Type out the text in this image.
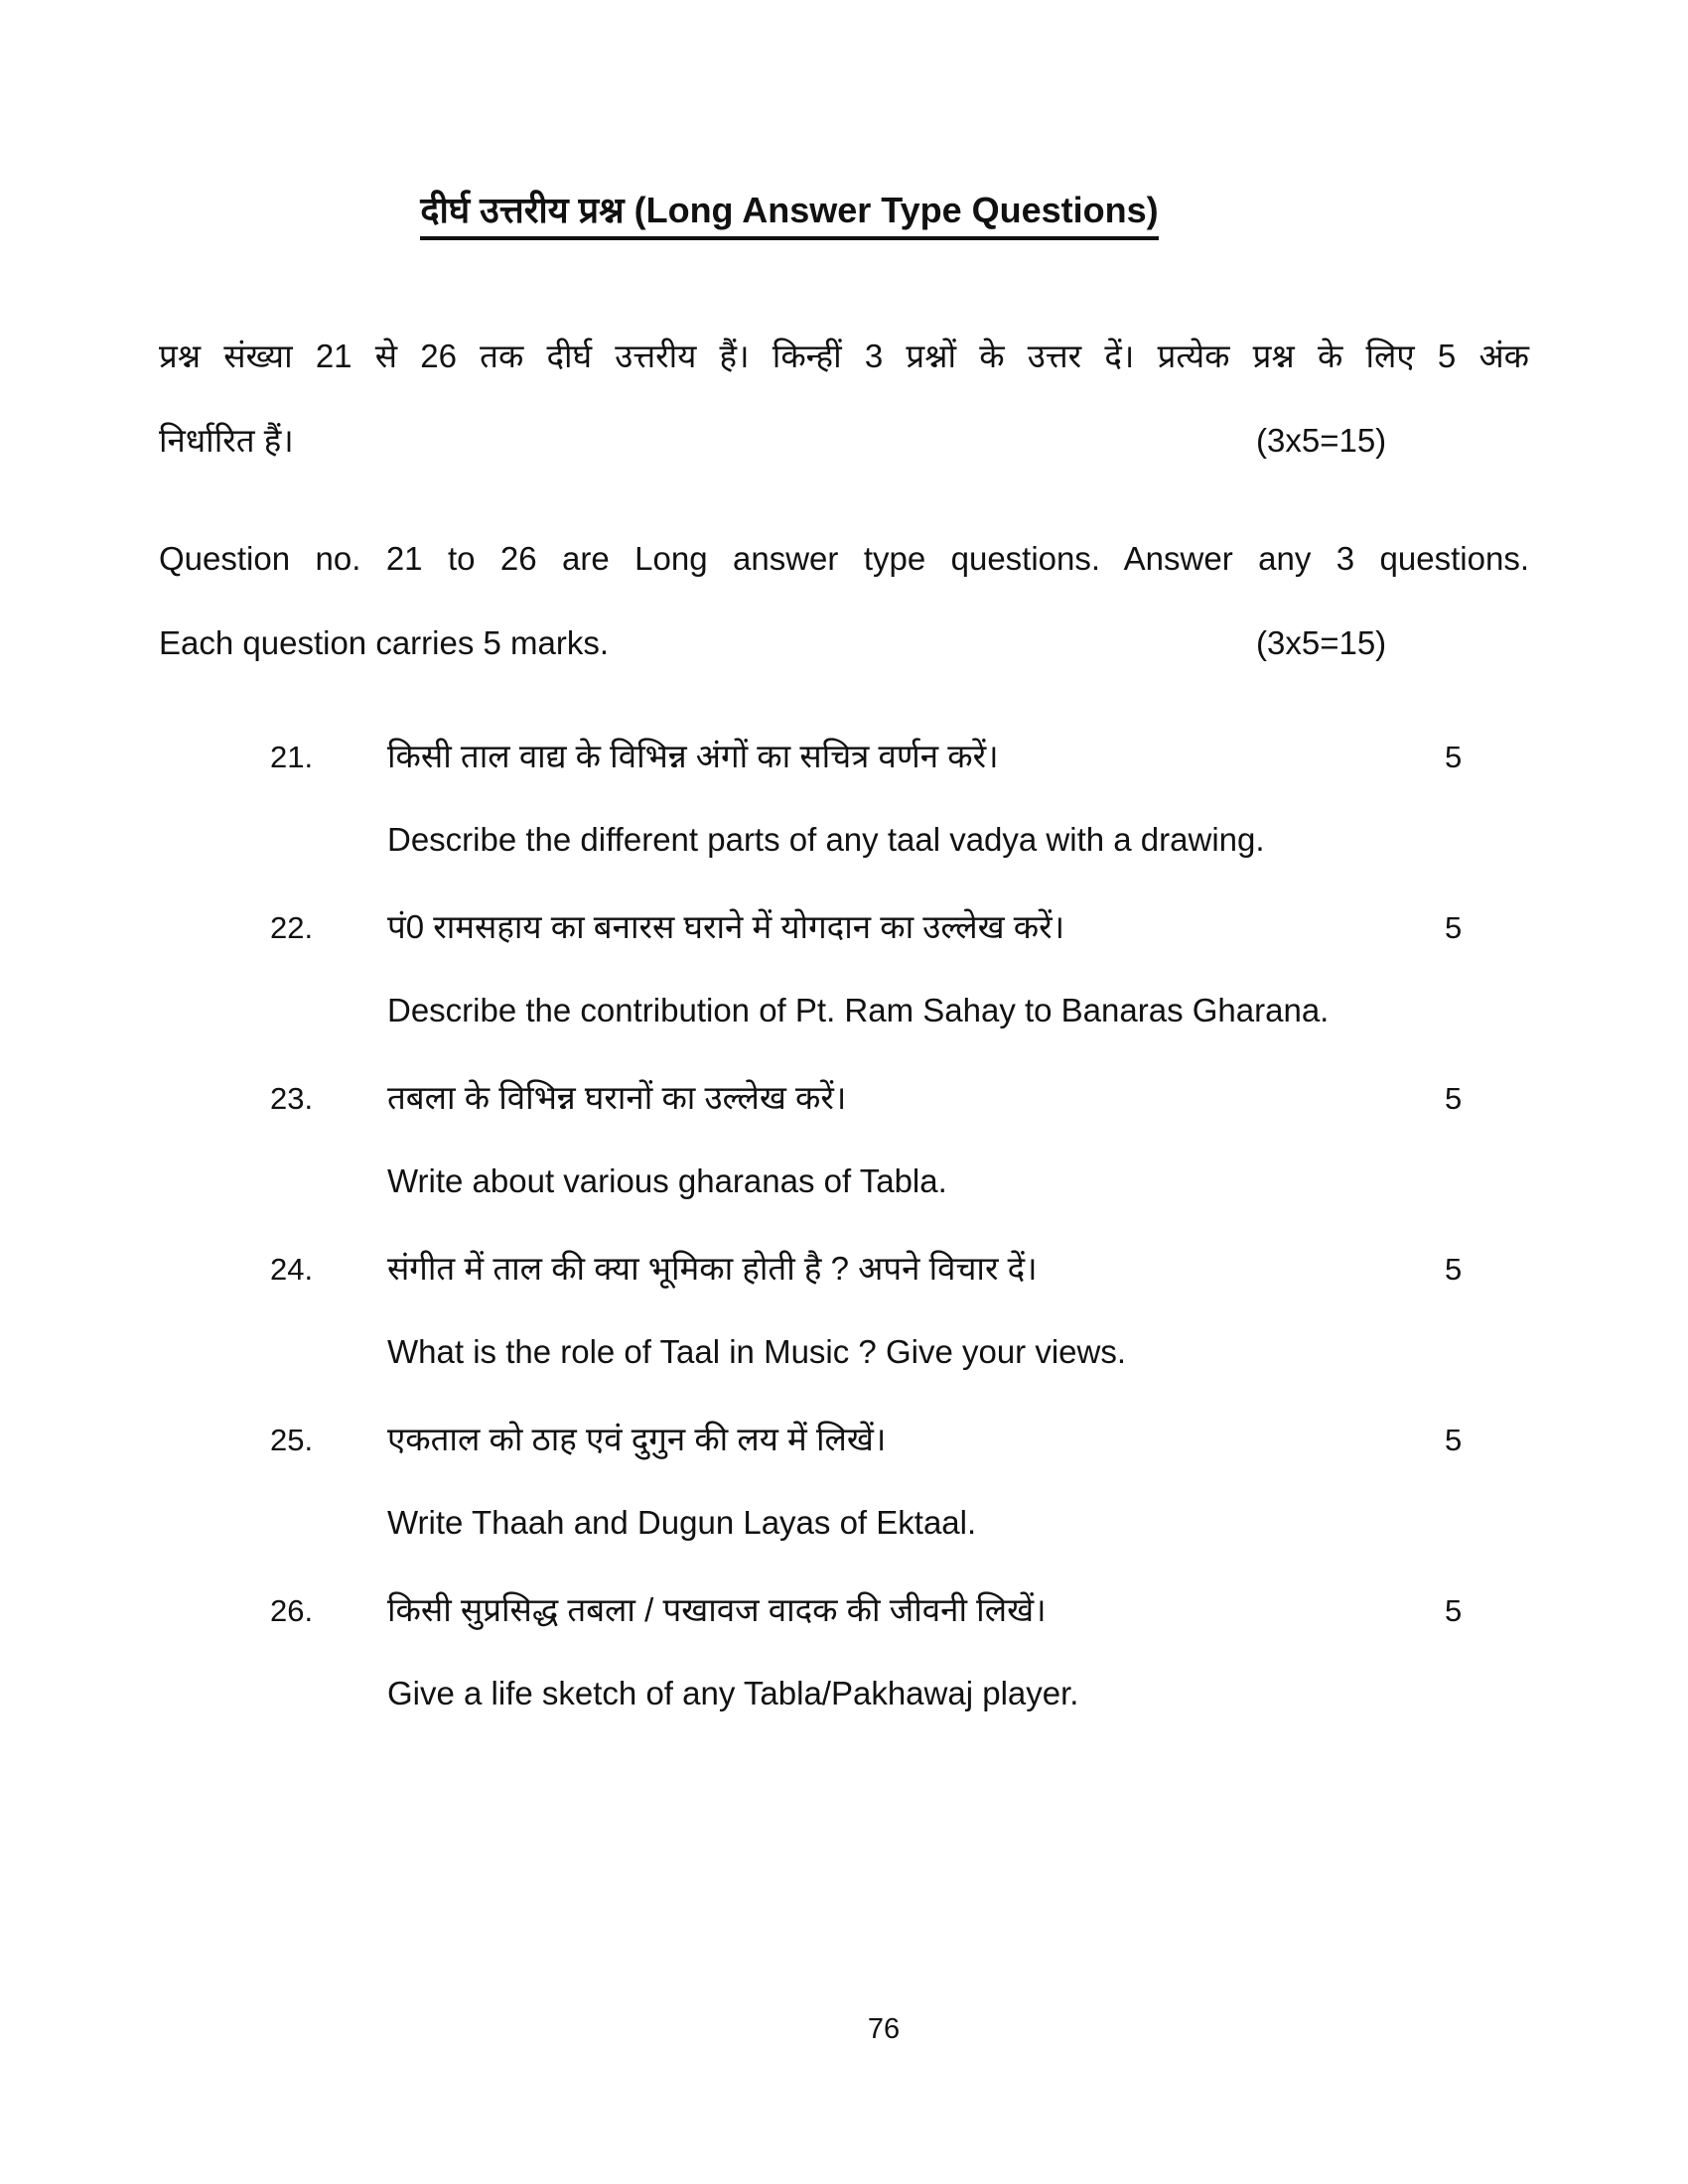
दीर्घ उत्तरीय प्रश्न (Long Answer Type Questions)
प्रश्न संख्या 21 से 26 तक दीर्घ उत्तरीय हैं। किन्हीं 3 प्रश्नों के उत्तर दें। प्रत्येक प्रश्न के लिए 5 अंक
निर्धारित हैं।	(3x5=15)
Question no. 21 to 26 are Long answer type questions. Answer any 3 questions.
Each question carries 5 marks.	(3x5=15)
21.	किसी ताल वाद्य के विभिन्न अंगों का सचित्र वर्णन करें।	5
Describe the different parts of any taal vadya with a drawing.
22.	पं0 रामसहाय का बनारस घराने में योगदान का उल्लेख करें।	5
Describe the contribution of Pt. Ram Sahay to Banaras Gharana.
23.	तबला के विभिन्न घरानों का उल्लेख करें।	5
Write about various gharanas of Tabla.
24.	संगीत में ताल की क्या भूमिका होती है ? अपने विचार दें।	5
What is the role of Taal in Music ? Give your views.
25.	एकताल को ठाह एवं दुगुन की लय में लिखें।	5
Write Thaah and Dugun Layas of Ektaal.
26.	किसी सुप्रसिद्ध तबला / पखावज वादक की जीवनी लिखें।	5
Give a life sketch of any Tabla/Pakhawaj player.
76
